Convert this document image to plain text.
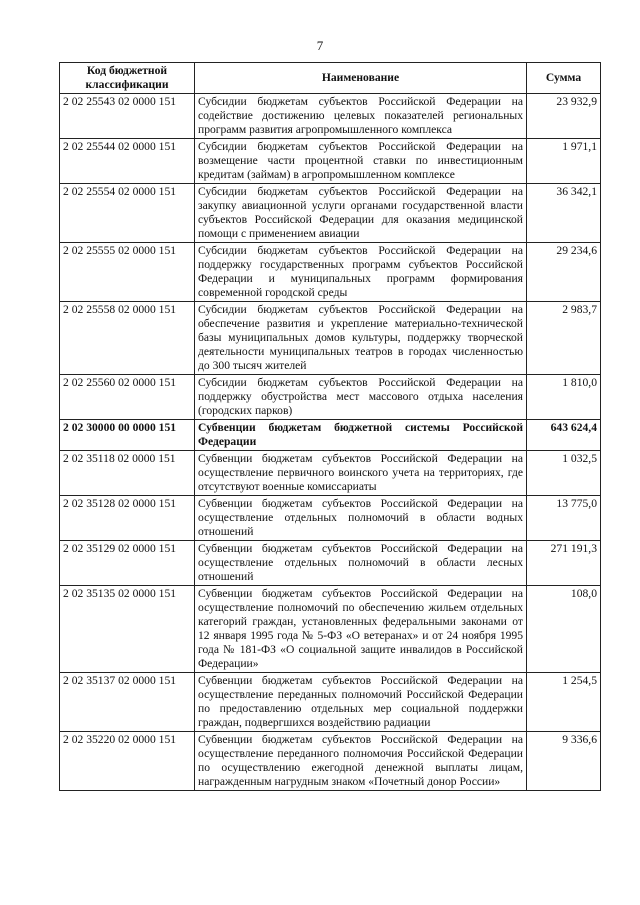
7
Код бюджетной классификации	Наименование	Сумма
2 02 25543 02 0000 151	Субсидии бюджетам субъектов Российской Федерации на содействие достижению целевых показателей региональных программ развития агропромышленного комплекса	23 932,9
2 02 25544 02 0000 151	Субсидии бюджетам субъектов Российской Федерации на возмещение части процентной ставки по инвестиционным кредитам (займам) в агропромышленном комплексе	1 971,1
2 02 25554 02 0000 151	Субсидии бюджетам субъектов Российской Федерации на закупку авиационной услуги органами государственной власти субъектов Российской Федерации для оказания медицинской помощи с применением авиации	36 342,1
2 02 25555 02 0000 151	Субсидии бюджетам субъектов Российской Федерации на поддержку государственных программ субъектов Российской Федерации и муниципальных программ формирования современной городской среды	29 234,6
2 02 25558 02 0000 151	Субсидии бюджетам субъектов Российской Федерации на обеспечение развития и укрепление материально-технической базы муниципальных домов культуры, поддержку творческой деятельности муниципальных театров в городах численностью до 300 тысяч жителей	2 983,7
2 02 25560 02 0000 151	Субсидии бюджетам субъектов Российской Федерации на поддержку обустройства мест массового отдыха населения (городских парков)	1 810,0
2 02 30000 00 0000 151	Субвенции бюджетам бюджетной системы Российской Федерации	643 624,4
2 02 35118 02 0000 151	Субвенции бюджетам субъектов Российской Федерации на осуществление первичного воинского учета на территориях, где отсутствуют военные комиссариаты	1 032,5
2 02 35128 02 0000 151	Субвенции бюджетам субъектов Российской Федерации на осуществление отдельных полномочий в области водных отношений	13 775,0
2 02 35129 02 0000 151	Субвенции бюджетам субъектов Российской Федерации на осуществление отдельных полномочий в области лесных отношений	271 191,3
2 02 35135 02 0000 151	Субвенции бюджетам субъектов Российской Федерации на осуществление полномочий по обеспечению жильем отдельных категорий граждан, установленных федеральными законами от 12 января 1995 года № 5-ФЗ «О ветеранах» и от 24 ноября 1995 года № 181-ФЗ «О социальной защите инвалидов в Российской Федерации»	108,0
2 02 35137 02 0000 151	Субвенции бюджетам субъектов Российской Федерации на осуществление переданных полномочий Российской Федерации по предоставлению отдельных мер социальной поддержки граждан, подвергшихся воздействию радиации	1 254,5
2 02 35220 02 0000 151	Субвенции бюджетам субъектов Российской Федерации на осуществление переданного полномочия Российской Федерации по осуществлению ежегодной денежной выплаты лицам, награжденным нагрудным знаком «Почетный донор России»	9 336,6
